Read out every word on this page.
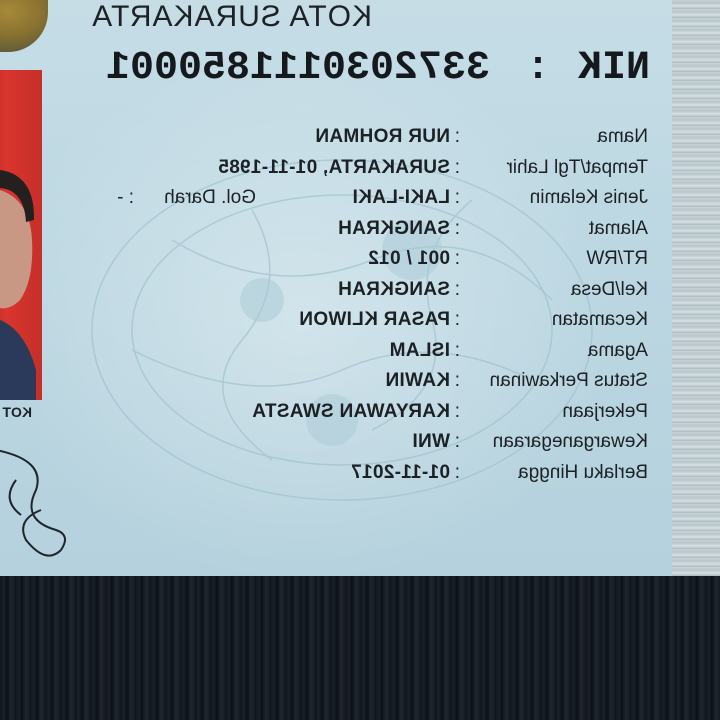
KOTA SURAKARTA
NIK:3372030111850001
Nama
:
NUR ROHMAN
Tempat/Tgl Lahir
:
SURAKARTA, 01-11-1985
Jenis Kelamin
:
LAKI-LAKI
Gol. Darah
: -
Alamat
:
SANGKRAH
RT/RW
:
001 / 012
Kel/Desa
:
SANGKRAH
Kecamatan
:
PASAR KLIWON
Agama
:
ISLAM
Status Perkawinan
:
KAWIN
Pekerjaan
:
KARYAWAN SWASTA
Kewarganegaraan
:
WNI
Berlaku Hingga
:
01-11-2017
KOT
